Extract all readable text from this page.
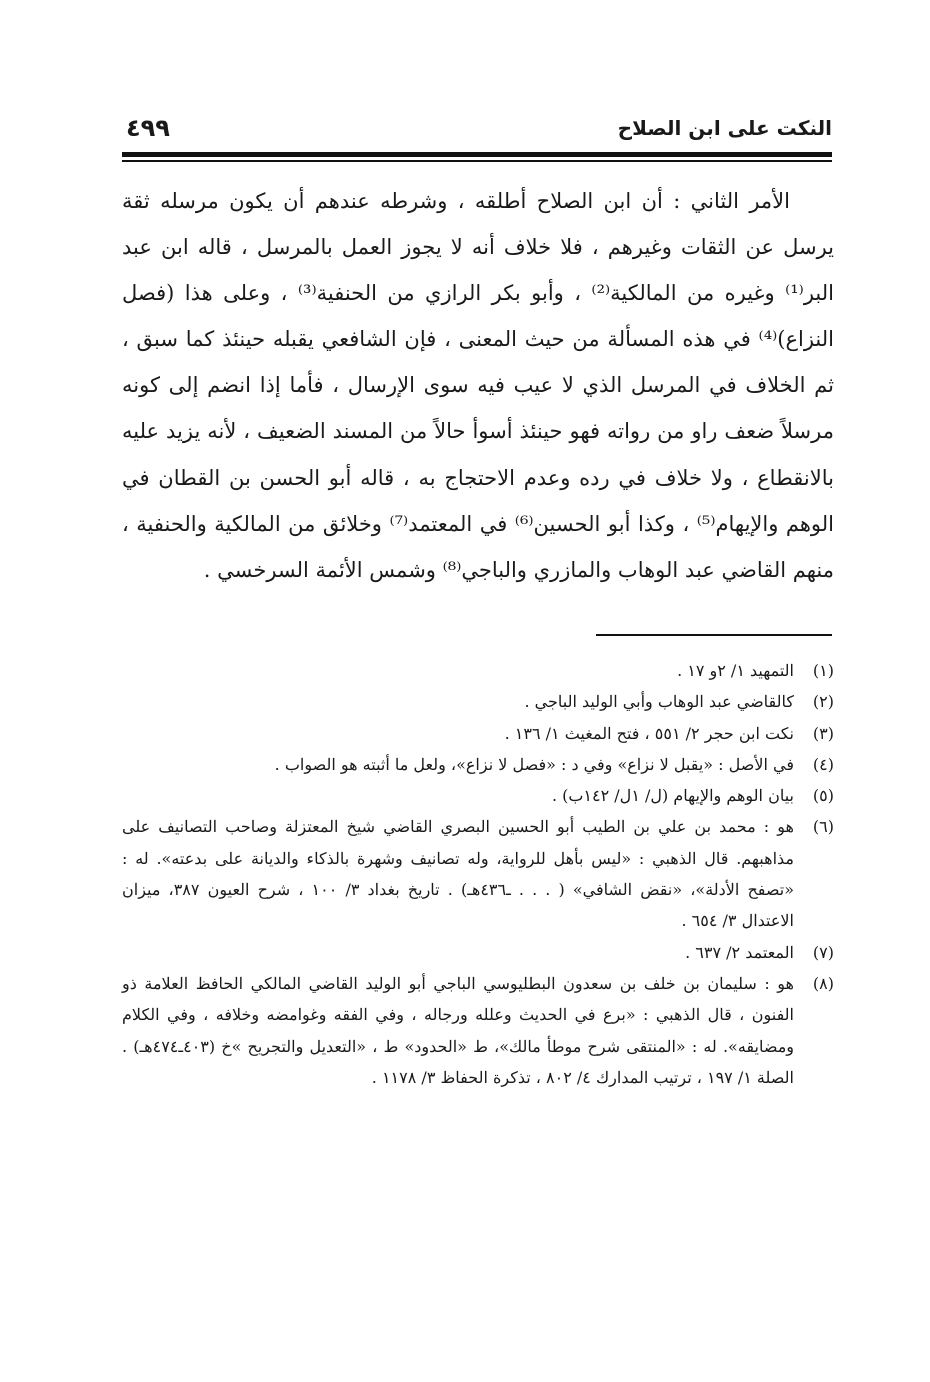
النكت على ابن الصلاح
٤٩٩

الأمر الثاني : أن ابن الصلاح أطلقه ، وشرطه عندهم أن يكون مرسله ثقة يرسل عن الثقات وغيرهم ، فلا خلاف أنه لا يجوز العمل بالمرسل ، قاله ابن عبد البر⁽¹⁾ وغيره من المالكية⁽²⁾ ، وأبو بكر الرازي من الحنفية⁽³⁾ ، وعلى هذا (فصل النزاع)⁽⁴⁾ في هذه المسألة من حيث المعنى ، فإن الشافعي يقبله حينئذ كما سبق ، ثم الخلاف في المرسل الذي لا عيب فيه سوى الإرسال ، فأما إذا انضم إلى كونه مرسلاً ضعف راو من رواته فهو حينئذ أسوأ حالاً من المسند الضعيف ، لأنه يزيد عليه بالانقطاع ، ولا خلاف في رده وعدم الاحتجاج به ، قاله أبو الحسن بن القطان في الوهم والإيهام⁽⁵⁾ ، وكذا أبو الحسين⁽⁶⁾ في المعتمد⁽⁷⁾ وخلائق من المالكية والحنفية ، منهم القاضي عبد الوهاب والمازري والباجي⁽⁸⁾ وشمس الأئمة السرخسي .

(١)
التمهيد ١/ ٢و ١٧ .
(٢)
كالقاضي عبد الوهاب وأبي الوليد الباجي .
(٣)
نكت ابن حجر ٢/ ٥٥١ ، فتح المغيث ١/ ١٣٦ .
(٤)
في الأصل : «يقبل لا نزاع» وفي د : «فصل لا نزاع»، ولعل ما أثبته هو الصواب .
(٥)
بيان الوهم والإيهام (ل/ ١ل/ ١٤٢ب) .
(٦)
هو : محمد بن علي بن الطيب أبو الحسين البصري القاضي شيخ المعتزلة وصاحب التصانيف على مذاهبهم. قال الذهبي : «ليس بأهل للرواية، وله تصانيف وشهرة بالذكاء والديانة على بدعته». له : «تصفح الأدلة»، «نقض الشافي» ( . . . ـ٤٣٦هـ) . تاريخ بغداد ٣/ ١٠٠ ، شرح العيون ٣٨٧، ميزان الاعتدال ٣/ ٦٥٤ .
(٧)
المعتمد ٢/ ٦٣٧ .
(٨)
هو : سليمان بن خلف بن سعدون البطليوسي الباجي أبو الوليد القاضي المالكي الحافظ العلامة ذو الفنون ، قال الذهبي : «برع في الحديث وعلله ورجاله ، وفي الفقه وغوامضه وخلافه ، وفي الكلام ومضايقه». له : «المنتقى شرح موطأ مالك»، ط «الحدود» ط ، «التعديل والتجريح »خ (٤٠٣ـ٤٧٤هـ) . الصلة ١/ ١٩٧ ، ترتيب المدارك ٤/ ٨٠٢ ، تذكرة الحفاظ ٣/ ١١٧٨ .
